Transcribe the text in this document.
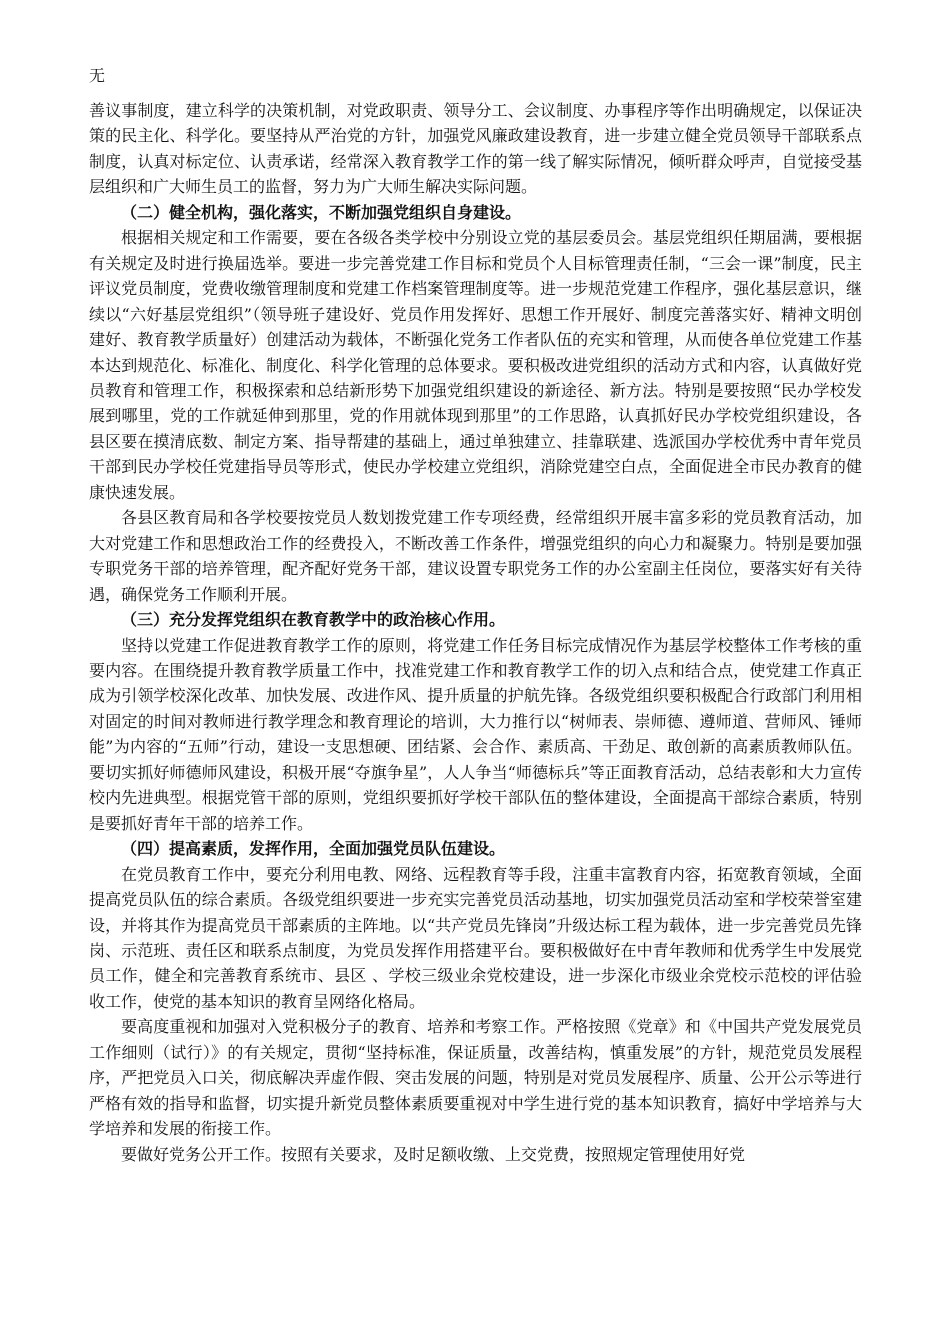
无

善议事制度，建立科学的决策机制，对党政职责、领导分工、会议制度、办事程序等作出明确规定，以保证决策的民主化、科学化。要坚持从严治党的方针，加强党风廉政建设教育，进一步建立健全党员领导干部联系点制度，认真对标定位、认责承诺，经常深入教育教学工作的第一线了解实际情况，倾听群众呼声，自觉接受基层组织和广大师生员工的监督，努力为广大师生解决实际问题。

（二）健全机构，强化落实，不断加强党组织自身建设。

根据相关规定和工作需要，要在各级各类学校中分别设立党的基层委员会。基层党组织任期届满，要根据有关规定及时进行换届选举。要进一步完善党建工作目标和党员个人目标管理责任制，“三会一课”制度，民主评议党员制度，党费收缴管理制度和党建工作档案管理制度等。进一步规范党建工作程序，强化基层意识，继续以“六好基层党组织”（领导班子建设好、党员作用发挥好、思想工作开展好、制度完善落实好、精神文明创建好、教育教学质量好）创建活动为载体，不断强化党务工作者队伍的充实和管理，从而使各单位党建工作基本达到规范化、标准化、制度化、科学化管理的总体要求。要积极改进党组织的活动方式和内容，认真做好党员教育和管理工作，积极探索和总结新形势下加强党组织建设的新途径、新方法。特别是要按照“民办学校发展到哪里，党的工作就延伸到那里，党的作用就体现到那里”的工作思路，认真抓好民办学校党组织建设，各县区要在摸清底数、制定方案、指导帮建的基础上，通过单独建立、挂靠联建、选派国办学校优秀中青年党员干部到民办学校任党建指导员等形式，使民办学校建立党组织，消除党建空白点，全面促进全市民办教育的健康快速发展。

各县区教育局和各学校要按党员人数划拨党建工作专项经费，经常组织开展丰富多彩的党员教育活动，加大对党建工作和思想政治工作的经费投入，不断改善工作条件，增强党组织的向心力和凝聚力。特别是要加强专职党务干部的培养管理，配齐配好党务干部，建议设置专职党务工作的办公室副主任岗位，要落实好有关待遇，确保党务工作顺利开展。

（三）充分发挥党组织在教育教学中的政治核心作用。

坚持以党建工作促进教育教学工作的原则，将党建工作任务目标完成情况作为基层学校整体工作考核的重要内容。在围绕提升教育教学质量工作中，找准党建工作和教育教学工作的切入点和结合点，使党建工作真正成为引领学校深化改革、加快发展、改进作风、提升质量的护航先锋。各级党组织要积极配合行政部门利用相对固定的时间对教师进行教学理念和教育理论的培训，大力推行以“树师表、崇师德、遵师道、营师风、锤师能”为内容的“五师”行动，建设一支思想硬、团结紧、会合作、素质高、干劲足、敢创新的高素质教师队伍。要切实抓好师德师风建设，积极开展“夺旗争星”，人人争当“师德标兵”等正面教育活动，总结表彰和大力宣传校内先进典型。根据党管干部的原则，党组织要抓好学校干部队伍的整体建设，全面提高干部综合素质，特别是要抓好青年干部的培养工作。

（四）提高素质，发挥作用，全面加强党员队伍建设。

在党员教育工作中，要充分利用电教、网络、远程教育等手段，注重丰富教育内容，拓宽教育领域，全面提高党员队伍的综合素质。各级党组织要进一步充实完善党员活动基地，切实加强党员活动室和学校荣誉室建设，并将其作为提高党员干部素质的主阵地。以“共产党员先锋岗”升级达标工程为载体，进一步完善党员先锋岗、示范班、责任区和联系点制度，为党员发挥作用搭建平台。要积极做好在中青年教师和优秀学生中发展党员工作，健全和完善教育系统市、县区 、学校三级业余党校建设，进一步深化市级业余党校示范校的评估验收工作，使党的基本知识的教育呈网络化格局。

要高度重视和加强对入党积极分子的教育、培养和考察工作。严格按照《党章》和《中国共产党发展党员工作细则（试行）》的有关规定，贯彻“坚持标准，保证质量，改善结构，慎重发展”的方针，规范党员发展程序，严把党员入口关，彻底解决弄虚作假、突击发展的问题，特别是对党员发展程序、质量、公开公示等进行严格有效的指导和监督，切实提升新党员整体素质要重视对中学生进行党的基本知识教育，搞好中学培养与大学培养和发展的衔接工作。

要做好党务公开工作。按照有关要求，及时足额收缴、上交党费，按照规定管理使用好党
